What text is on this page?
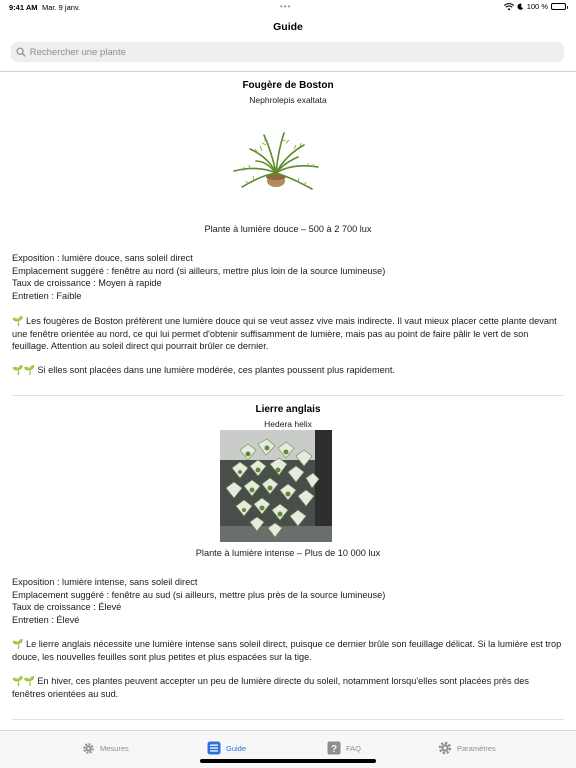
9:41 AM Mar. 9 janv.	•••	100 %
Guide
Rechercher une plante
Fougère de Boston
Nephrolepis exaltata
Plante à lumière douce – 500 à 2 700 lux
Exposition : lumière douce, sans soleil direct
Emplacement suggéré : fenêtre au nord (si ailleurs, mettre plus loin de la source lumineuse)
Taux de croissance : Moyen à rapide
Entretien : Faible
🌱 Les fougères de Boston préfèrent une lumière douce qui se veut assez vive mais indirecte. Il vaut mieux placer cette plante devant une fenêtre orientée au nord, ce qui lui permet d'obtenir suffisamment de lumière, mais pas au point de faire pâlir le vert de son feuillage. Attention au soleil direct qui pourrait brûler ce dernier.
🌱🌱 Si elles sont placées dans une lumière modérée, ces plantes poussent plus rapidement.
Lierre anglais
Hedera helix
Plante à lumière intense – Plus de 10 000 lux
Exposition : lumière intense, sans soleil direct
Emplacement suggéré : fenêtre au sud (si ailleurs, mettre plus près de la source lumineuse)
Taux de croissance : Élevé
Entretien : Élevé
🌱 Le lierre anglais nécessite une lumière intense sans soleil direct, puisque ce dernier brûle son feuillage délicat. Si la lumière est trop douce, les nouvelles feuilles sont plus petites et plus espacées sur la tige.
🌱🌱 En hiver, ces plantes peuvent accepter un peu de lumière directe du soleil, notamment lorsqu'elles sont placées près des fenêtres orientées au sud.
Mesures	Guide	? FAQ	Paramètres
